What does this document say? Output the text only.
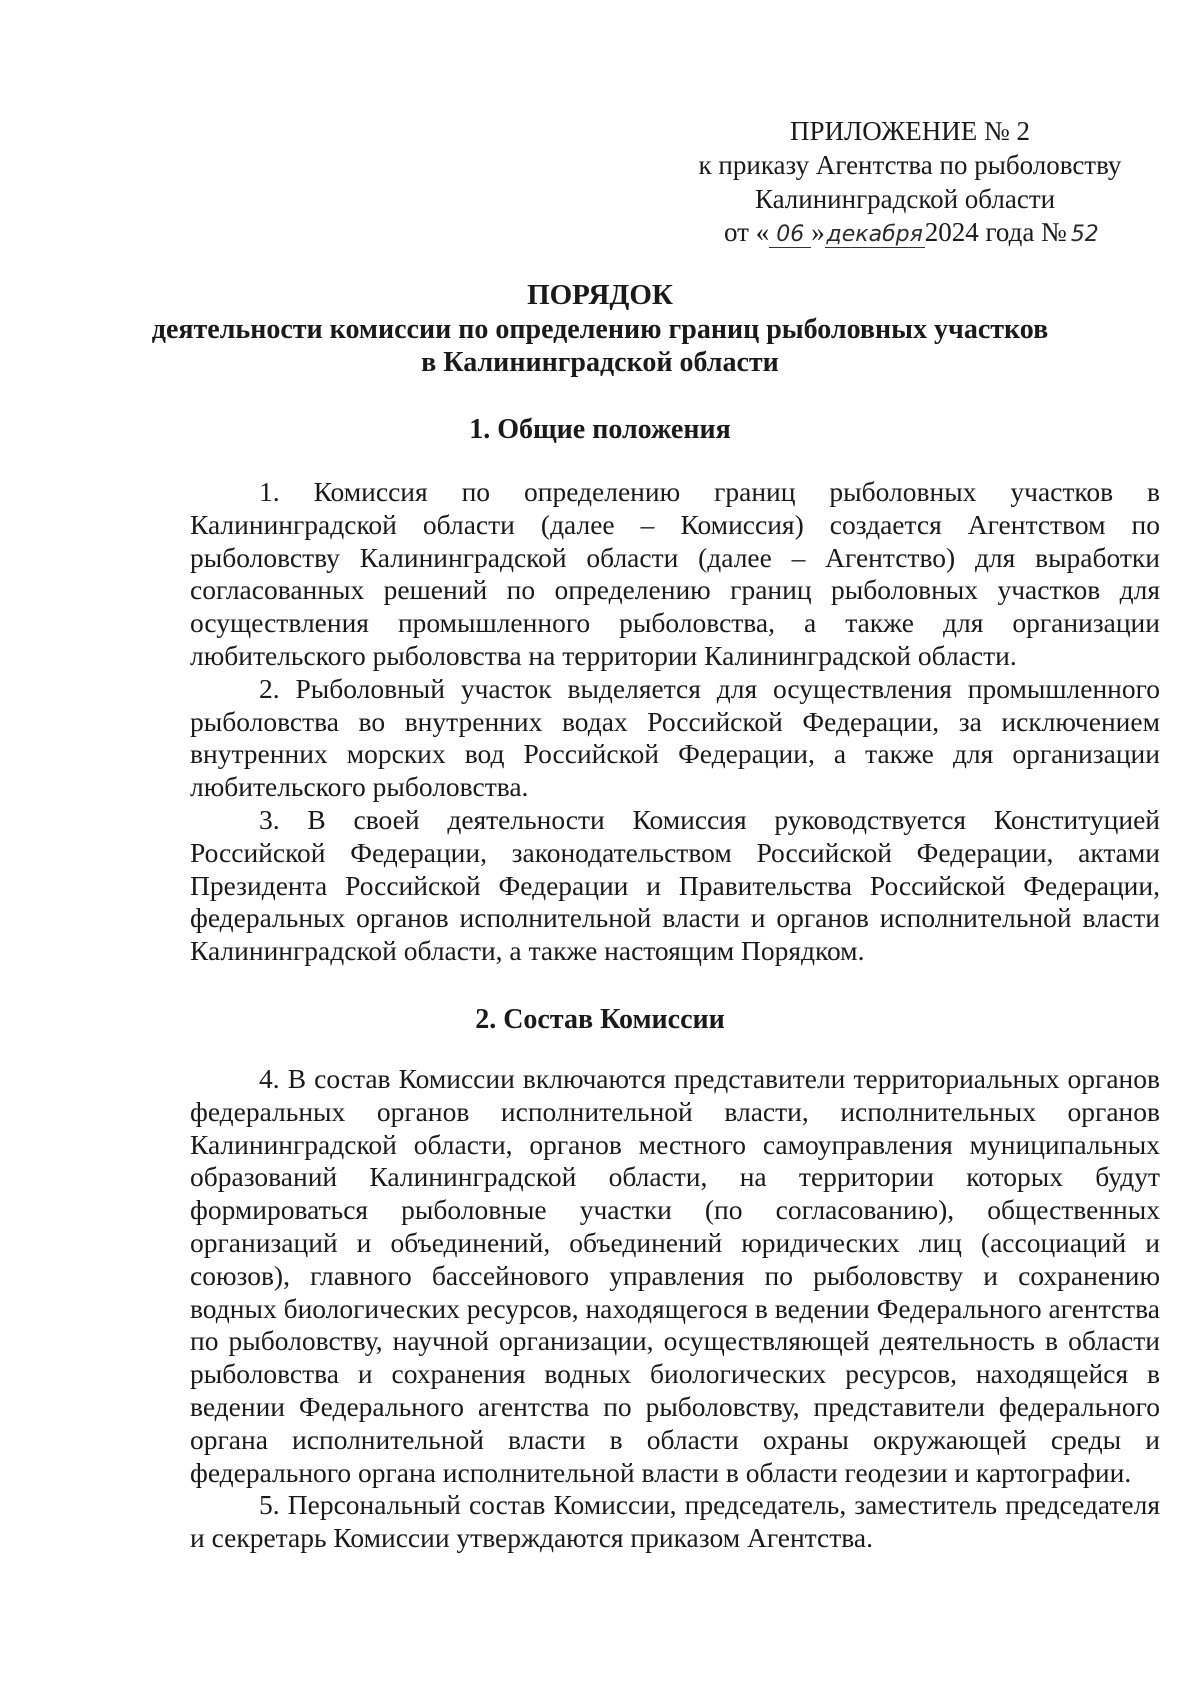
ПРИЛОЖЕНИЕ № 2
к приказу Агентства по рыболовству
Калининградской области
от « 06 »декабря2024 года № 52
ПОРЯДОК
деятельности комиссии по определению границ рыболовных участков
в Калининградской области
1. Общие положения

1. Комиссия по определению границ рыболовных участков в Калининградской области (далее – Комиссия) создается Агентством по рыболовству Калининградской области (далее – Агентство) для выработки согласованных решений по определению границ рыболовных участков для осуществления промышленного рыболовства, а также для организации любительского рыболовства на территории Калининградской области.

2. Рыболовный участок выделяется для осуществления промышленного рыболовства во внутренних водах Российской Федерации, за исключением внутренних морских вод Российской Федерации, а также для организации любительского рыболовства.

3. В своей деятельности Комиссия руководствуется Конституцией Российской Федерации, законодательством Российской Федерации, актами Президента Российской Федерации и Правительства Российской Федерации, федеральных органов исполнительной власти и органов исполнительной власти Калининградской области, а также настоящим Порядком.

2. Состав Комиссии

4. В состав Комиссии включаются представители территориальных органов федеральных органов исполнительной власти, исполнительных органов Калининградской области, органов местного самоуправления муниципальных образований Калининградской области, на территории которых будут формироваться рыболовные участки (по согласованию), общественных организаций и объединений, объединений юридических лиц (ассоциаций и союзов), главного бассейнового управления по рыболовству и сохранению водных биологических ресурсов, находящегося в ведении Федерального агентства по рыболовству, научной организации, осуществляющей деятельность в области рыболовства и сохранения водных биологических ресурсов, находящейся в ведении Федерального агентства по рыболовству, представители федерального органа исполнительной власти в области охраны окружающей среды и федерального органа исполнительной власти в области геодезии и картографии.

5. Персональный состав Комиссии, председатель, заместитель председателя и секретарь Комиссии утверждаются приказом Агентства.
